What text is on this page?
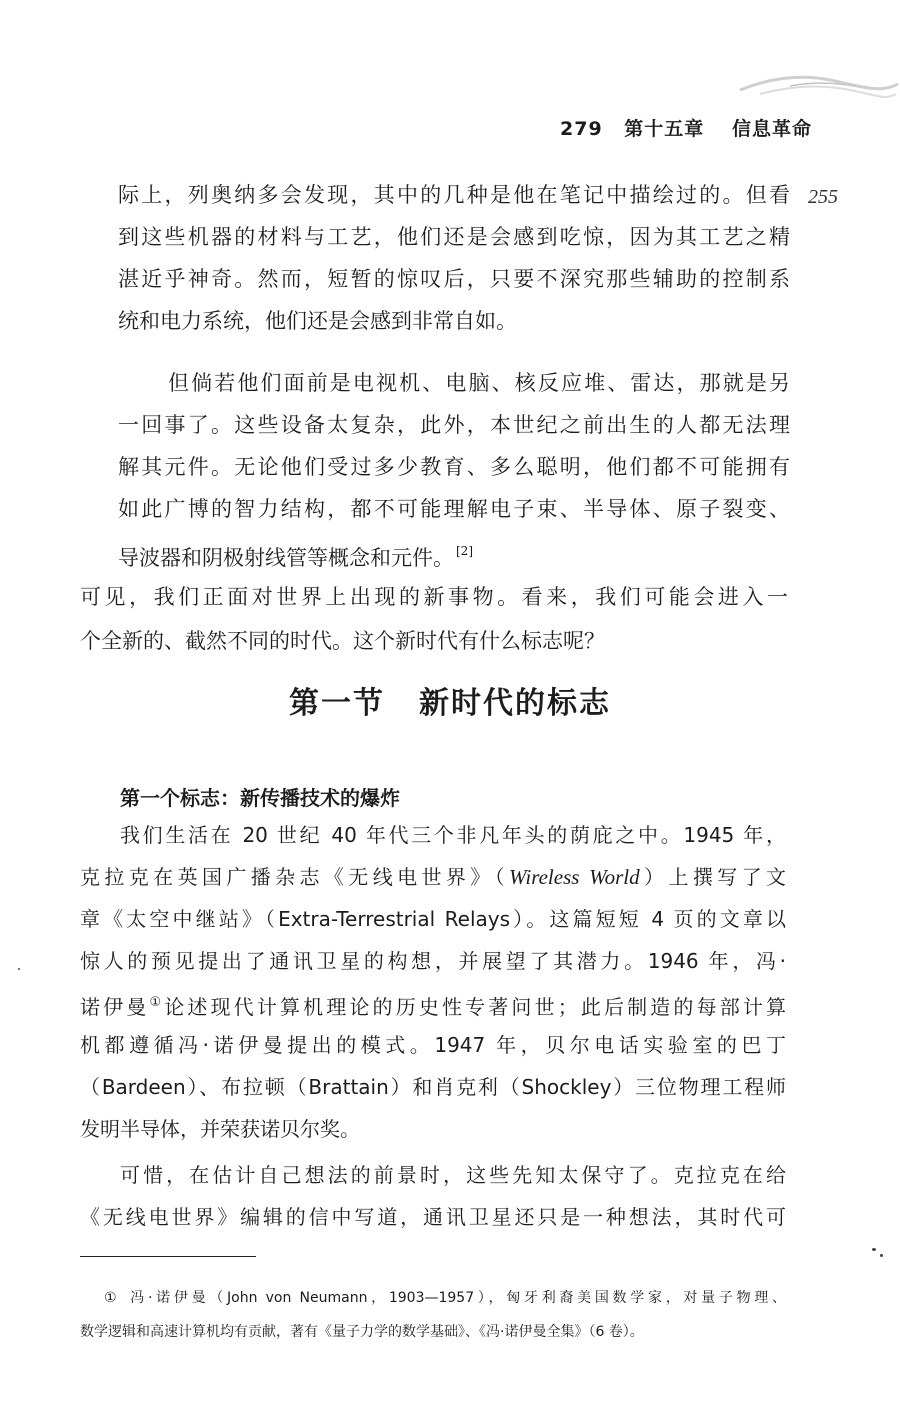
279 第十五章 信息革命
255
际上，列奥纳多会发现，其中的几种是他在笔记中描绘过的。但看
到这些机器的材料与工艺，他们还是会感到吃惊，因为其工艺之精
湛近乎神奇。然而，短暂的惊叹后，只要不深究那些辅助的控制系
统和电力系统，他们还是会感到非常自如。
但倘若他们面前是电视机、电脑、核反应堆、雷达，那就是另
一回事了。这些设备太复杂，此外，本世纪之前出生的人都无法理
解其元件。无论他们受过多少教育、多么聪明，他们都不可能拥有
如此广博的智力结构，都不可能理解电子束、半导体、原子裂变、
导波器和阴极射线管等概念和元件。 [2]
可见，我们正面对世界上出现的新事物。看来，我们可能会进入一
个全新的、截然不同的时代。这个新时代有什么标志呢？
第一节 新时代的标志
第一个标志：新传播技术的爆炸
我们生活在 20 世纪 40 年代三个非凡年头的荫庇之中。1945 年，
克拉克在英国广播杂志《无线电世界》（Wireless World）上撰写了文
章《太空中继站》（Extra-Terrestrial Relays）。这篇短短 4 页的文章以
惊人的预见提出了通讯卫星的构想，并展望了其潜力。1946 年，冯·
诺伊曼①论述现代计算机理论的历史性专著问世；此后制造的每部计算
机都遵循冯·诺伊曼提出的模式。1947 年，贝尔电话实验室的巴丁
（Bardeen）、布拉顿（Brattain）和肖克利（Shockley）三位物理工程师
发明半导体，并荣获诺贝尔奖。
可惜，在估计自己想法的前景时，这些先知太保守了。克拉克在给
《无线电世界》编辑的信中写道，通讯卫星还只是一种想法，其时代可
① 冯·诺伊曼（John von Neumann，1903—1957），匈牙利裔美国数学家，对量子物理、
数学逻辑和高速计算机均有贡献，著有《量子力学的数学基础》、《冯·诺伊曼全集》（6 卷）。
